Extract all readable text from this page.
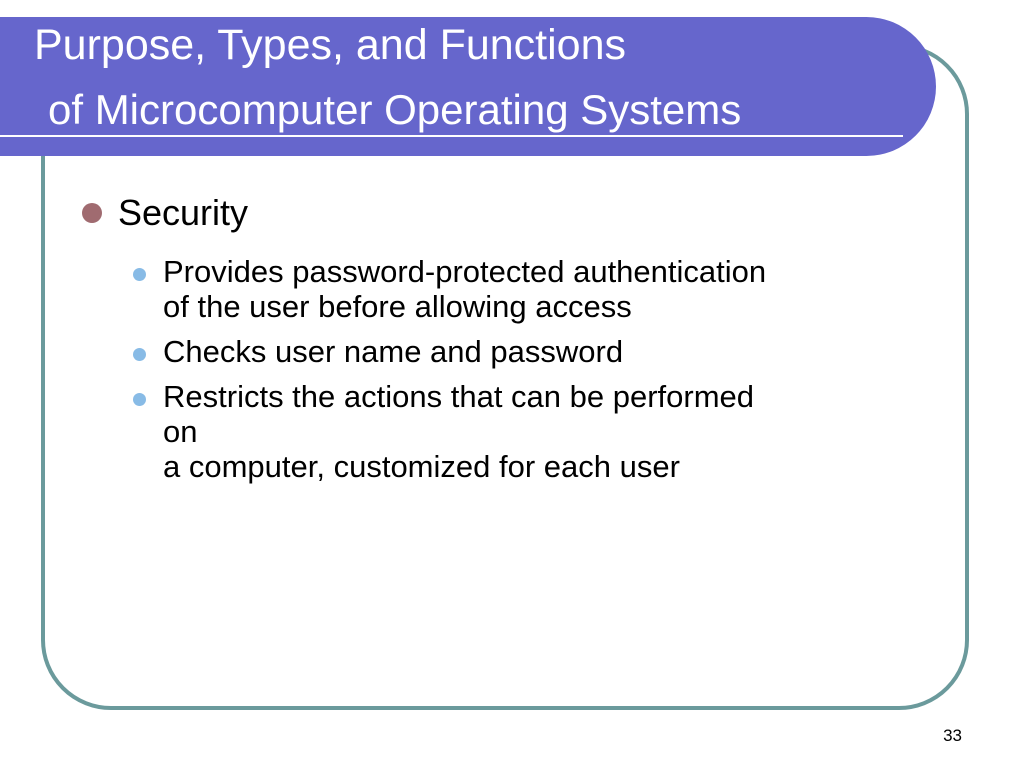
Purpose, Types, and Functions
of Microcomputer Operating Systems
Security
Provides password-protected authentication
of the user before allowing access
Checks user name and password
Restricts the actions that can be performed
on
a computer, customized for each user
33
